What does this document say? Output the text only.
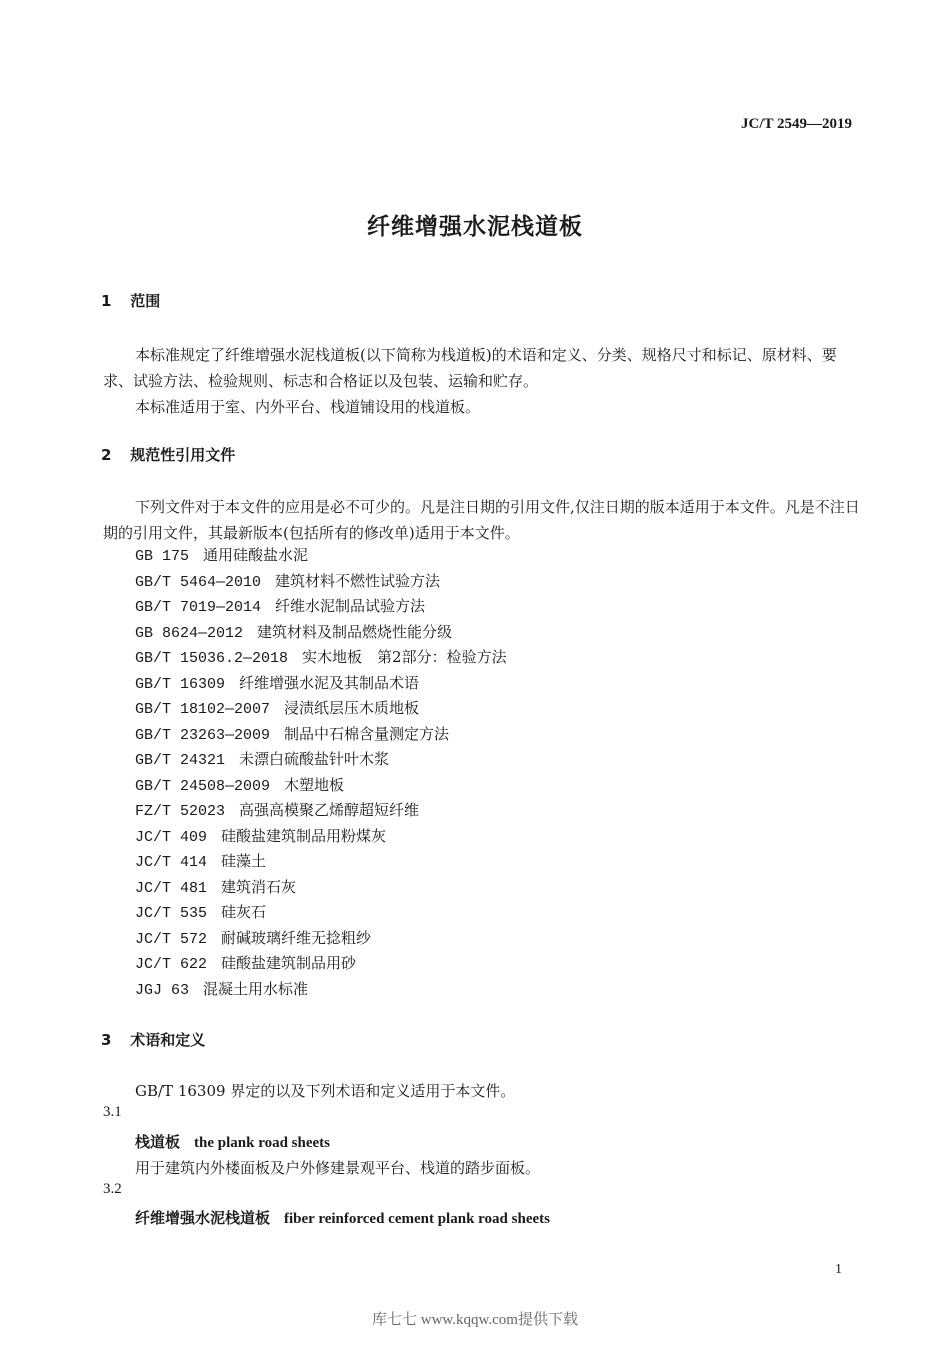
JC/T 2549—2019
纤维增强水泥栈道板
1 范围
本标准规定了纤维增强水泥栈道板(以下简称为栈道板)的术语和定义、分类、规格尺寸和标记、原材料、要求、试验方法、检验规则、标志和合格证以及包装、运输和贮存。
本标准适用于室、内外平台、栈道铺设用的栈道板。
2 规范性引用文件
下列文件对于本文件的应用是必不可少的。凡是注日期的引用文件,仅注日期的版本适用于本文件。凡是不注日期的引用文件，其最新版本(包括所有的修改单)适用于本文件。
GB 175 通用硅酸盐水泥
GB/T 5464—2010 建筑材料不燃性试验方法
GB/T 7019—2014 纤维水泥制品试验方法
GB 8624—2012 建筑材料及制品燃烧性能分级
GB/T 15036.2—2018 实木地板　第2部分：检验方法
GB/T 16309 纤维增强水泥及其制品术语
GB/T 18102—2007 浸渍纸层压木质地板
GB/T 23263—2009 制品中石棉含量测定方法
GB/T 24321 未漂白硫酸盐针叶木浆
GB/T 24508—2009 木塑地板
FZ/T 52023 高强高模聚乙烯醇超短纤维
JC/T 409 硅酸盐建筑制品用粉煤灰
JC/T 414 硅藻土
JC/T 481 建筑消石灰
JC/T 535 硅灰石
JC/T 572 耐碱玻璃纤维无捻粗纱
JC/T 622 硅酸盐建筑制品用砂
JGJ 63 混凝土用水标准
3 术语和定义
GB/T 16309 界定的以及下列术语和定义适用于本文件。
3.1
栈道板 the plank road sheets
用于建筑内外楼面板及户外修建景观平台、栈道的踏步面板。
3.2
纤维增强水泥栈道板 fiber reinforced cement plank road sheets
1
库七七 www.kqqw.com提供下载
